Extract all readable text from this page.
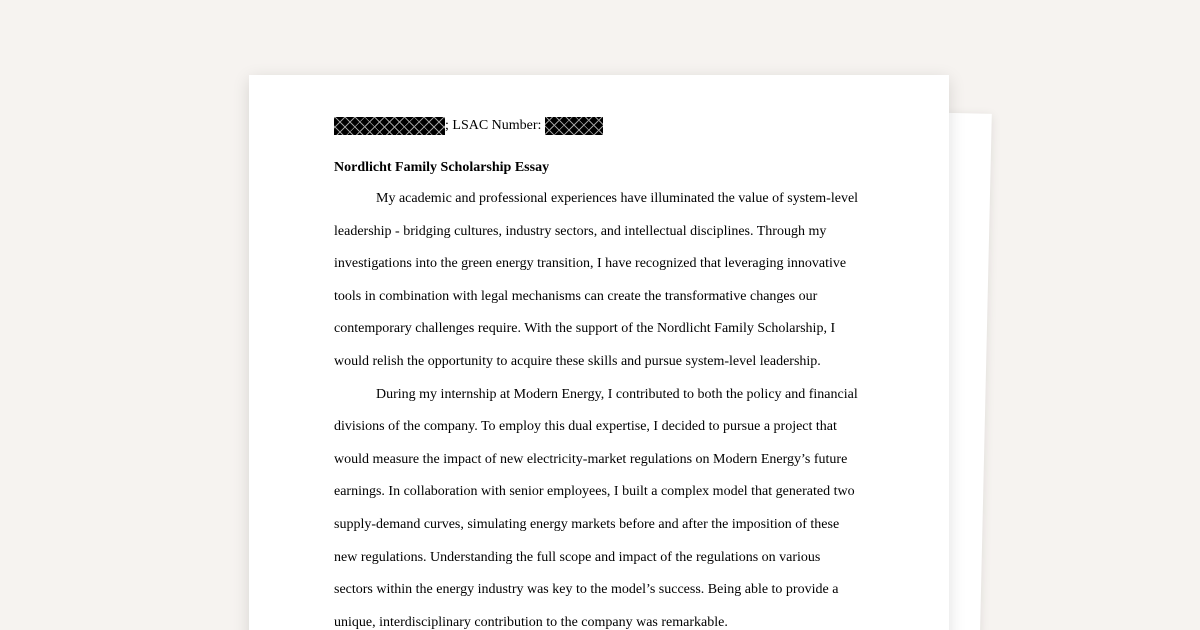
; LSAC Number:
Nordlicht Family Scholarship Essay
My academic and professional experiences have illuminated the value of system-level
leadership - bridging cultures, industry sectors, and intellectual disciplines. Through my
investigations into the green energy transition, I have recognized that leveraging innovative
tools in combination with legal mechanisms can create the transformative changes our
contemporary challenges require. With the support of the Nordlicht Family Scholarship, I
would relish the opportunity to acquire these skills and pursue system-level leadership.
During my internship at Modern Energy, I contributed to both the policy and financial
divisions of the company. To employ this dual expertise, I decided to pursue a project that
would measure the impact of new electricity-market regulations on Modern Energy’s future
earnings. In collaboration with senior employees, I built a complex model that generated two
supply-demand curves, simulating energy markets before and after the imposition of these
new regulations. Understanding the full scope and impact of the regulations on various
sectors within the energy industry was key to the model’s success. Being able to provide a
unique, interdisciplinary contribution to the company was remarkable.
